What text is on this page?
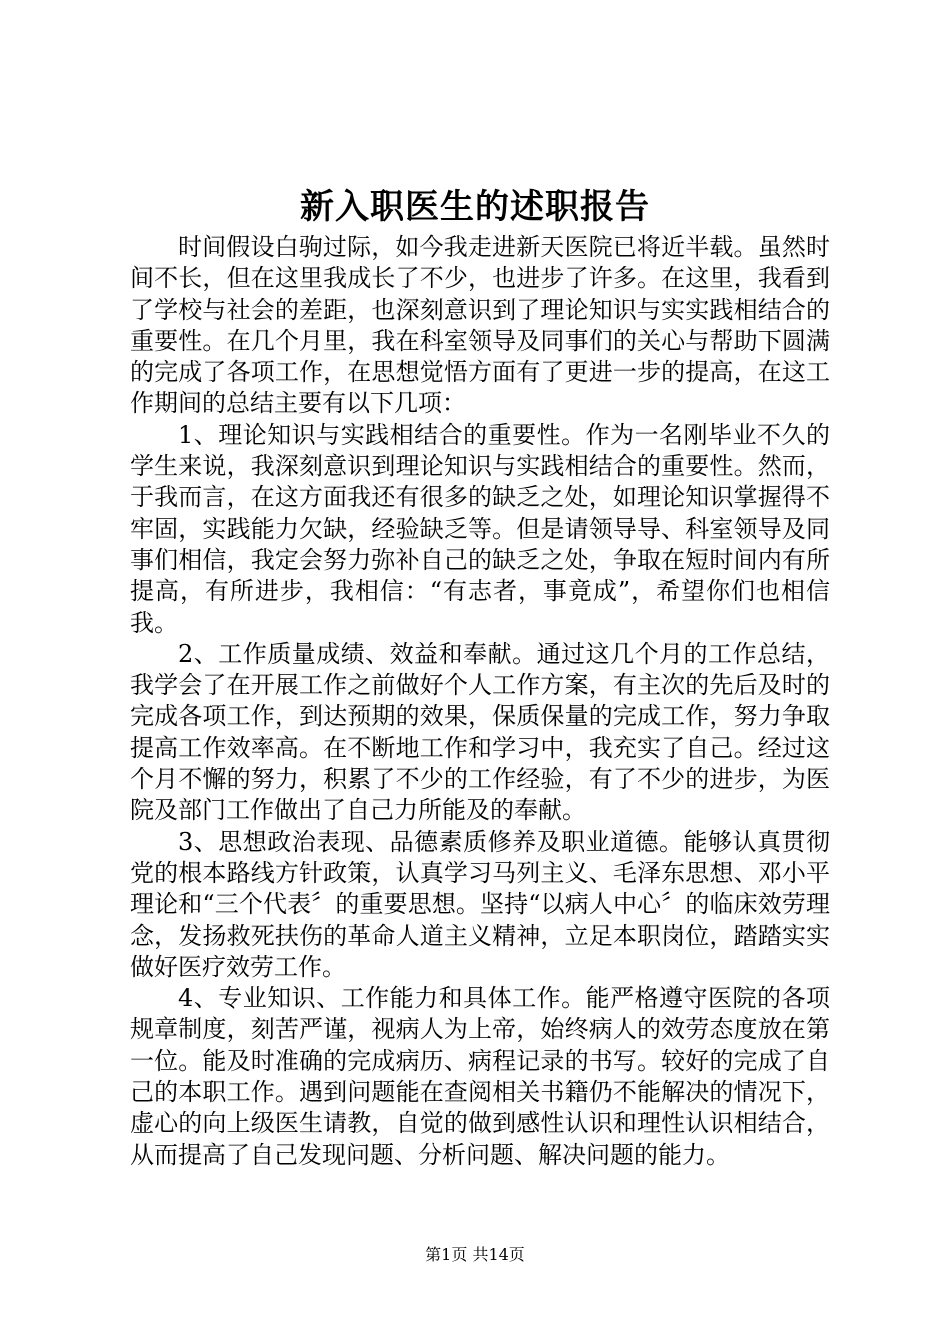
新入职医生的述职报告

时间假设白驹过际，如今我走进新天医院已将近半载。虽然时间不长，但在这里我成长了不少，也进步了许多。在这里，我看到了学校与社会的差距，也深刻意识到了理论知识与实实践相结合的重要性。在几个月里，我在科室领导及同事们的关心与帮助下圆满的完成了各项工作，在思想觉悟方面有了更进一步的提高，在这工作期间的总结主要有以下几项：

1、理论知识与实践相结合的重要性。作为一名刚毕业不久的学生来说，我深刻意识到理论知识与实践相结合的重要性。然而，于我而言，在这方面我还有很多的缺乏之处，如理论知识掌握得不牢固，实践能力欠缺，经验缺乏等。但是请领导导、科室领导及同事们相信，我定会努力弥补自己的缺乏之处，争取在短时间内有所提高，有所进步，我相信：“有志者，事竟成”，希望你们也相信我。

2、工作质量成绩、效益和奉献。通过这几个月的工作总结，我学会了在开展工作之前做好个人工作方案，有主次的先后及时的完成各项工作，到达预期的效果，保质保量的完成工作，努力争取提高工作效率高。在不断地工作和学习中，我充实了自己。经过这个月不懈的努力，积累了不少的工作经验，有了不少的进步，为医院及部门工作做出了自己力所能及的奉献。

3、思想政治表现、品德素质修养及职业道德。能够认真贯彻党的根本路线方针政策，认真学习马列主义、毛泽东思想、邓小平理论和“三个代表〞的重要思想。坚持“以病人中心〞的临床效劳理念，发扬救死扶伤的革命人道主义精神，立足本职岗位，踏踏实实做好医疗效劳工作。

4、专业知识、工作能力和具体工作。能严格遵守医院的各项规章制度，刻苦严谨，视病人为上帝，始终病人的效劳态度放在第一位。能及时准确的完成病历、病程记录的书写。较好的完成了自己的本职工作。遇到问题能在查阅相关书籍仍不能解决的情况下，虚心的向上级医生请教，自觉的做到感性认识和理性认识相结合，从而提高了自己发现问题、分析问题、解决问题的能力。

第1页 共14页
